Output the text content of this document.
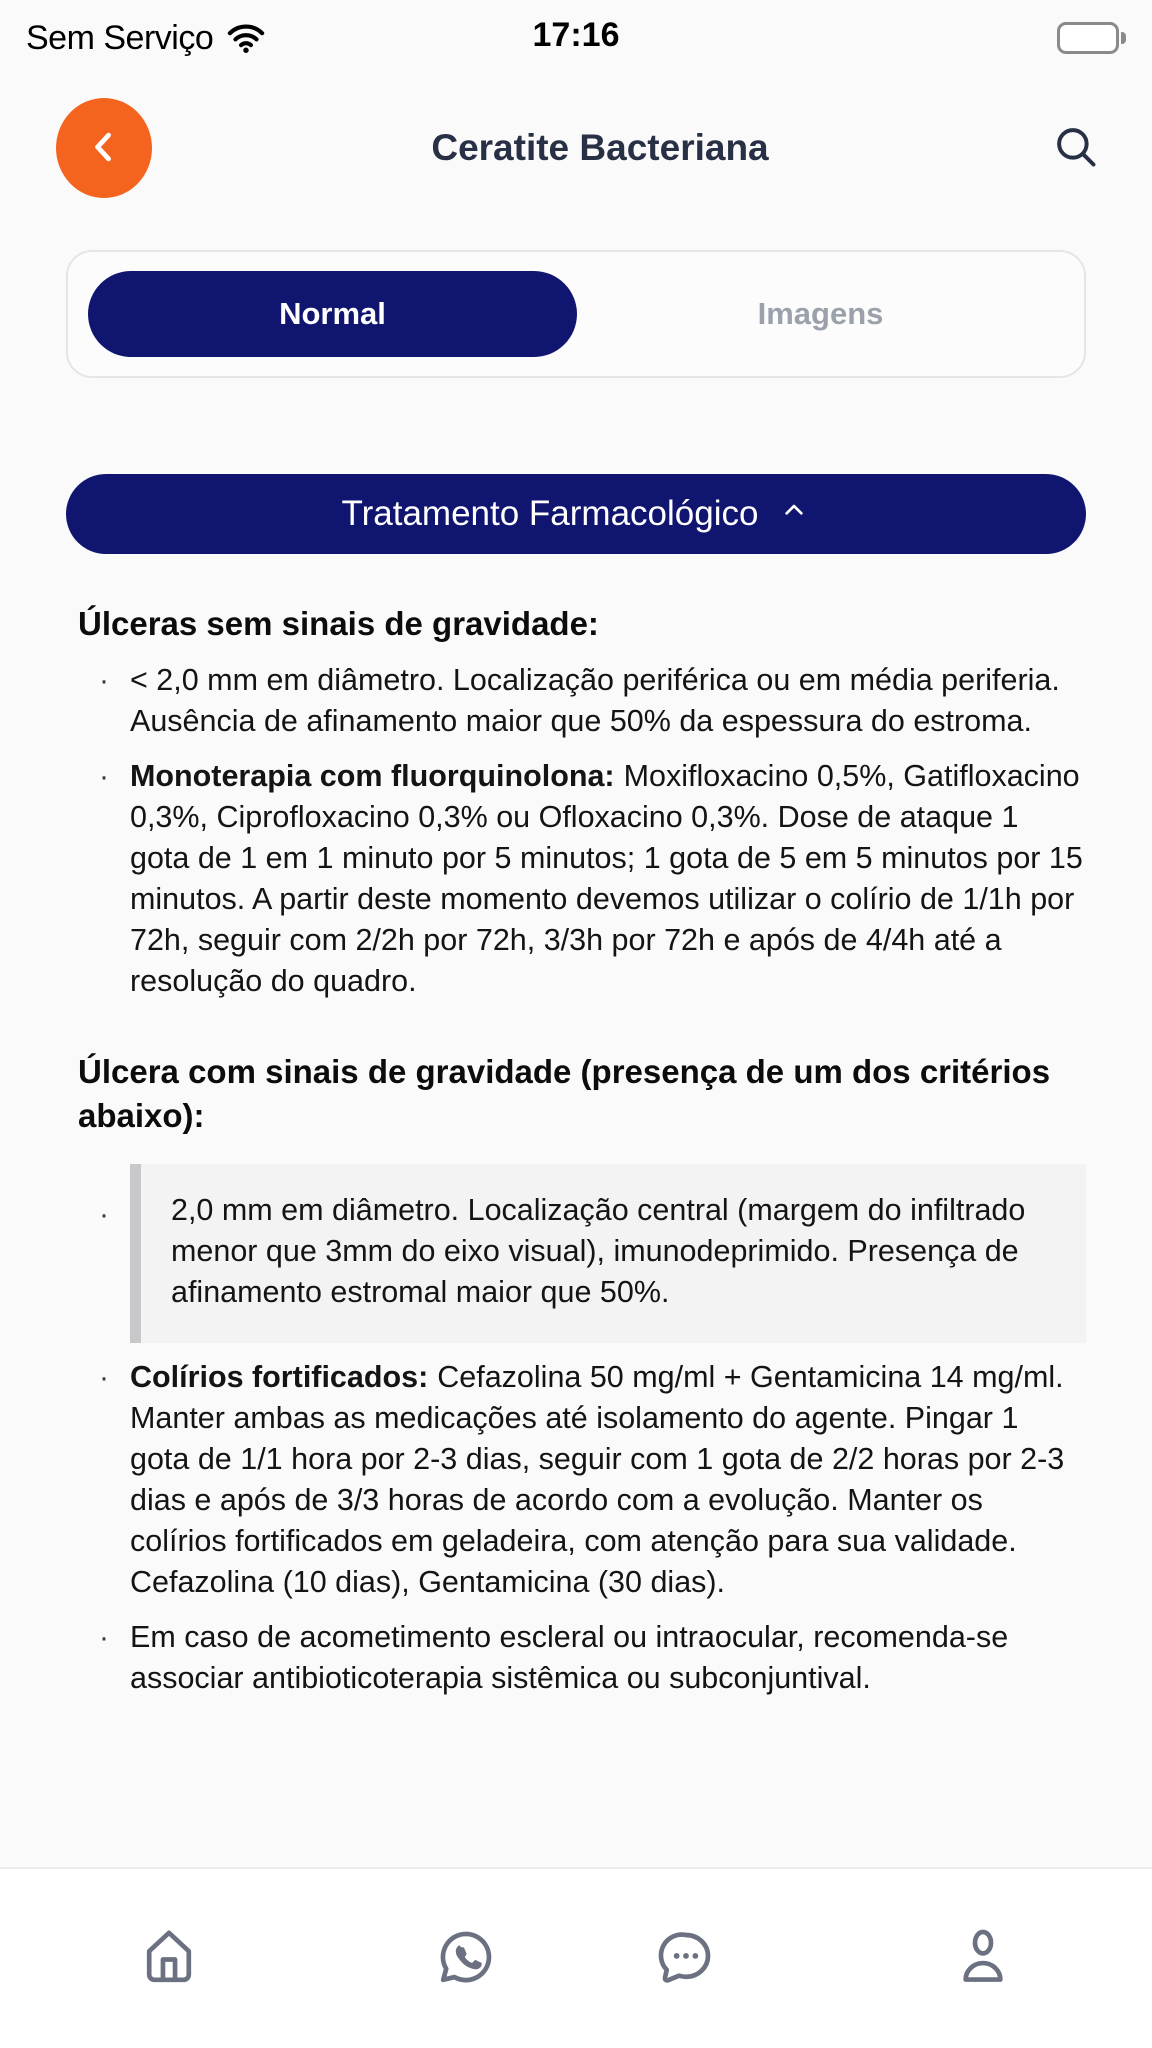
Sem Serviço	17:16
Ceratite Bacteriana
Normal	Imagens
Tratamento Farmacológico
Úlceras sem sinais de gravidade:
· < 2,0 mm em diâmetro. Localização periférica ou em média periferia. Ausência de afinamento maior que 50% da espessura do estroma.
· Monoterapia com fluorquinolona: Moxifloxacino 0,5%, Gatifloxacino 0,3%, Ciprofloxacino 0,3% ou Ofloxacino 0,3%. Dose de ataque 1 gota de 1 em 1 minuto por 5 minutos; 1 gota de 5 em 5 minutos por 15 minutos. A partir deste momento devemos utilizar o colírio de 1/1h por 72h, seguir com 2/2h por 72h, 3/3h por 72h e após de 4/4h até a resolução do quadro.
Úlcera com sinais de gravidade (presença de um dos critérios abaixo):
·	2,0 mm em diâmetro. Localização central (margem do infiltrado menor que 3mm do eixo visual), imunodeprimido. Presença de afinamento estromal maior que 50%.
· Colírios fortificados: Cefazolina 50 mg/ml + Gentamicina 14 mg/ml. Manter ambas as medicações até isolamento do agente. Pingar 1 gota de 1/1 hora por 2-3 dias, seguir com 1 gota de 2/2 horas por 2-3 dias e após de 3/3 horas de acordo com a evolução. Manter os colírios fortificados em geladeira, com atenção para sua validade. Cefazolina (10 dias), Gentamicina (30 dias).
· Em caso de acometimento escleral ou intraocular, recomenda-se associar antibioticoterapia sistêmica ou subconjuntival.
